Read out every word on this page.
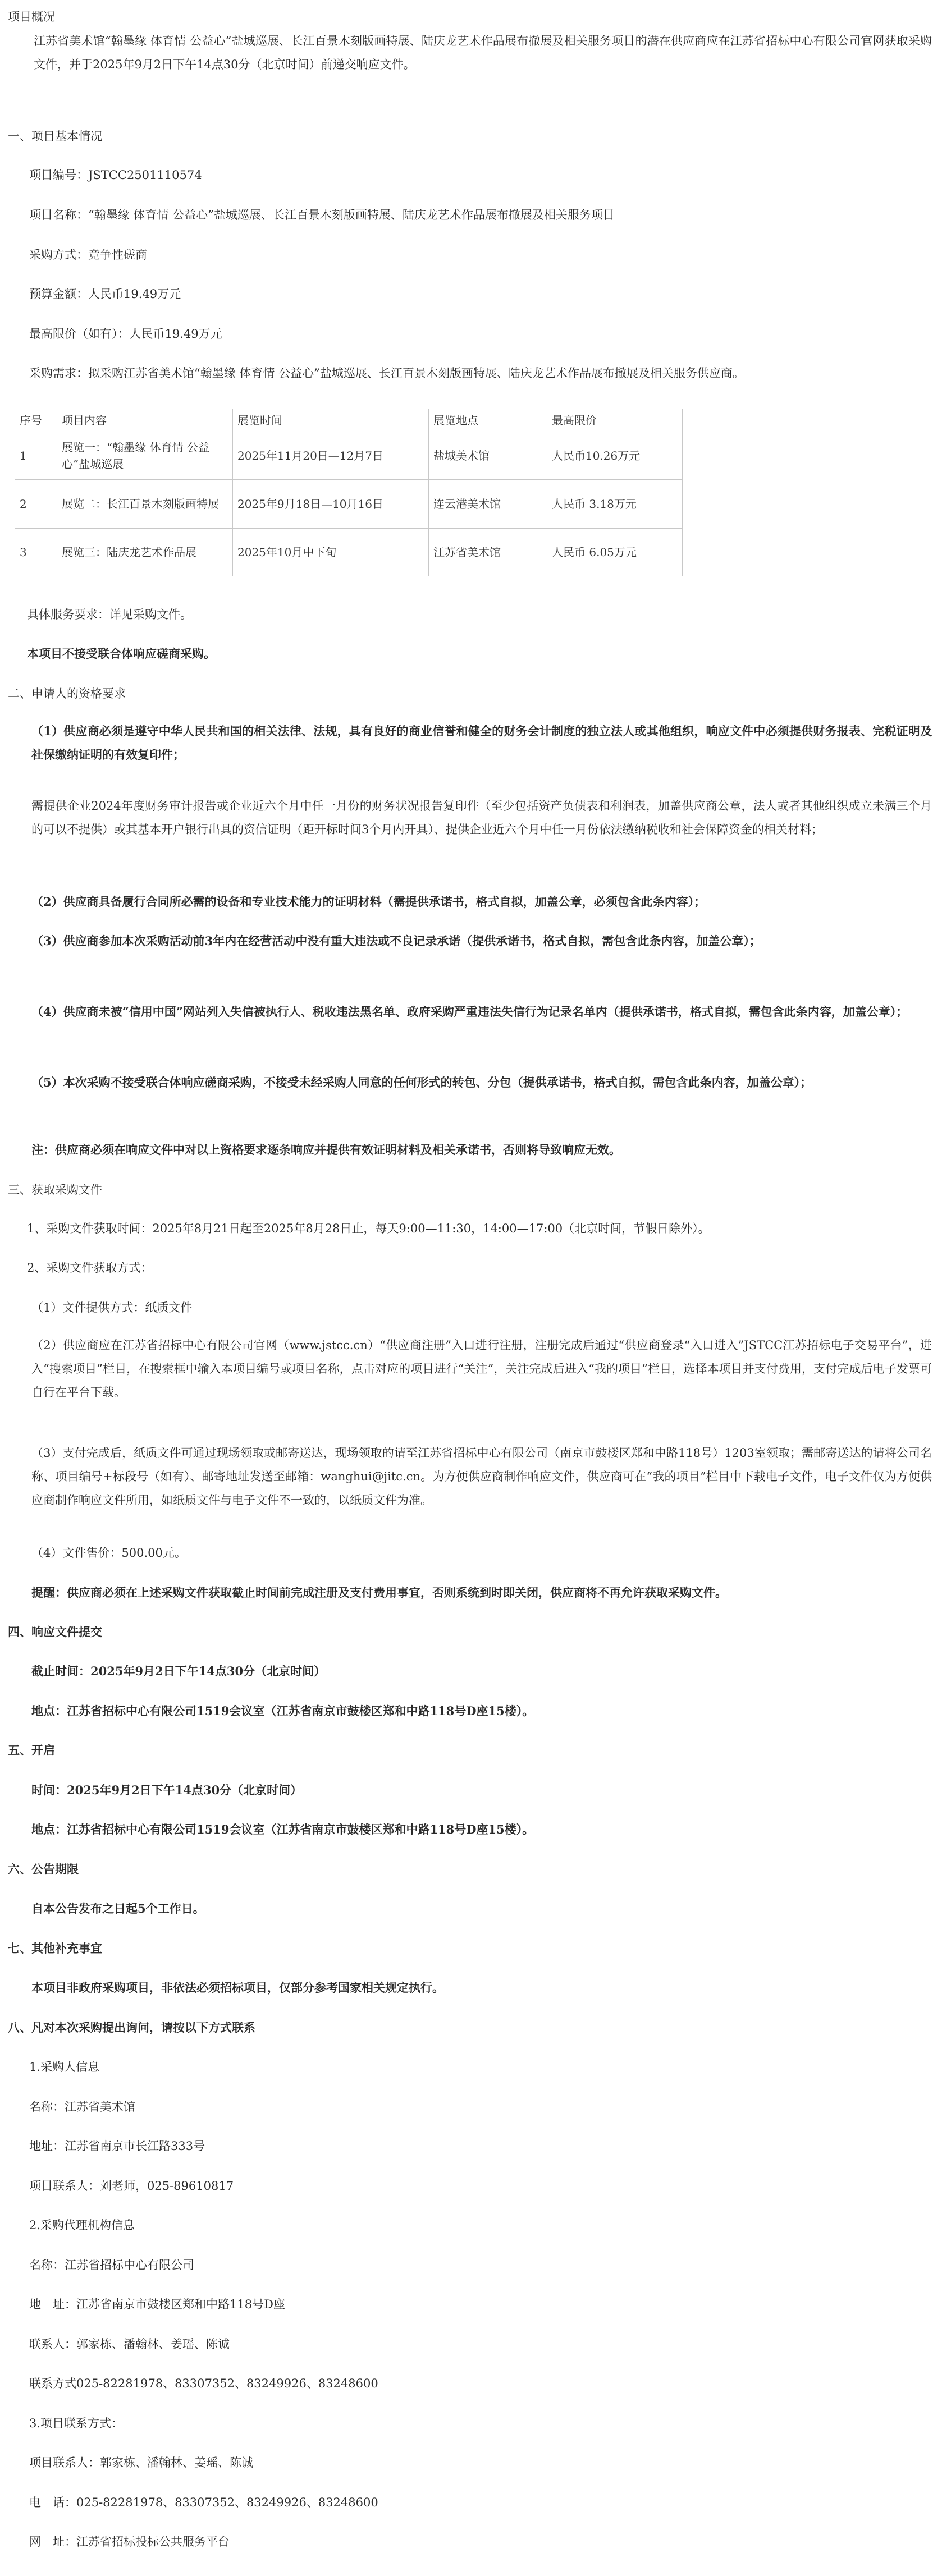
项目概况
江苏省美术馆“翰墨缘 体育情 公益心”盐城巡展、长江百景木刻版画特展、陆庆龙艺术作品展布撤展及相关服务项目的潜在供应商应在江苏省招标中心有限公司官网获取采购文件，并于2025年9月2日下午14点30分（北京时间）前递交响应文件。
一、项目基本情况
项目编号：JSTCC2501110574
项目名称：“翰墨缘 体育情 公益心”盐城巡展、长江百景木刻版画特展、陆庆龙艺术作品展布撤展及相关服务项目
采购方式：竞争性磋商
预算金额：人民币19.49万元
最高限价（如有）：人民币19.49万元
采购需求：拟采购江苏省美术馆“翰墨缘 体育情 公益心”盐城巡展、长江百景木刻版画特展、陆庆龙艺术作品展布撤展及相关服务供应商。
序号	项目内容	展览时间	展览地点	最高限价
1	展览一：“翰墨缘 体育情 公益心”盐城巡展	2025年11月20日—12月7日	盐城美术馆	人民币10.26万元
2	展览二：长江百景木刻版画特展	2025年9月18日—10月16日	连云港美术馆	人民币 3.18万元
3	展览三：陆庆龙艺术作品展	2025年10月中下旬	江苏省美术馆	人民币 6.05万元
具体服务要求：详见采购文件。
本项目不接受联合体响应磋商采购。
二、申请人的资格要求
（1）供应商必须是遵守中华人民共和国的相关法律、法规，具有良好的商业信誉和健全的财务会计制度的独立法人或其他组织，响应文件中必须提供财务报表、完税证明及社保缴纳证明的有效复印件；
需提供企业2024年度财务审计报告或企业近六个月中任一月份的财务状况报告复印件（至少包括资产负债表和利润表，加盖供应商公章，法人或者其他组织成立未满三个月的可以不提供）或其基本开户银行出具的资信证明（距开标时间3个月内开具）、提供企业近六个月中任一月份依法缴纳税收和社会保障资金的相关材料；
（2）供应商具备履行合同所必需的设备和专业技术能力的证明材料（需提供承诺书，格式自拟，加盖公章，必须包含此条内容）；
（3）供应商参加本次采购活动前3年内在经营活动中没有重大违法或不良记录承诺（提供承诺书，格式自拟，需包含此条内容，加盖公章）；
（4）供应商未被“信用中国”网站列入失信被执行人、税收违法黑名单、政府采购严重违法失信行为记录名单内（提供承诺书，格式自拟，需包含此条内容，加盖公章）；
（5）本次采购不接受联合体响应磋商采购，不接受未经采购人同意的任何形式的转包、分包（提供承诺书，格式自拟，需包含此条内容，加盖公章）；
注：供应商必须在响应文件中对以上资格要求逐条响应并提供有效证明材料及相关承诺书，否则将导致响应无效。
三、获取采购文件
1、采购文件获取时间：2025年8月21日起至2025年8月28日止，每天9:00—11:30，14:00—17:00（北京时间，节假日除外）。
2、采购文件获取方式：
（1）文件提供方式：纸质文件
（2）供应商应在江苏省招标中心有限公司官网（www.jstcc.cn）“供应商注册”入口进行注册，注册完成后通过“供应商登录“入口进入”JSTCC江苏招标电子交易平台”，进入“搜索项目”栏目，在搜索框中输入本项目编号或项目名称，点击对应的项目进行“关注”，关注完成后进入“我的项目”栏目，选择本项目并支付费用，支付完成后电子发票可自行在平台下载。
（3）支付完成后，纸质文件可通过现场领取或邮寄送达，现场领取的请至江苏省招标中心有限公司（南京市鼓楼区郑和中路118号）1203室领取；需邮寄送达的请将公司名称、项目编号+标段号（如有）、邮寄地址发送至邮箱：wanghui@jitc.cn。为方便供应商制作响应文件，供应商可在“我的项目”栏目中下载电子文件，电子文件仅为方便供应商制作响应文件所用，如纸质文件与电子文件不一致的，以纸质文件为准。
（4）文件售价：500.00元。
提醒：供应商必须在上述采购文件获取截止时间前完成注册及支付费用事宜，否则系统到时即关闭，供应商将不再允许获取采购文件。
四、响应文件提交
截止时间：2025年9月2日下午14点30分（北京时间）
地点：江苏省招标中心有限公司1519会议室（江苏省南京市鼓楼区郑和中路118号D座15楼）。
五、开启
时间：2025年9月2日下午14点30分（北京时间）
地点：江苏省招标中心有限公司1519会议室（江苏省南京市鼓楼区郑和中路118号D座15楼）。
六、公告期限
自本公告发布之日起5个工作日。
七、其他补充事宜
本项目非政府采购项目，非依法必须招标项目，仅部分参考国家相关规定执行。
八、凡对本次采购提出询问，请按以下方式联系
1.采购人信息
名称：江苏省美术馆
地址：江苏省南京市长江路333号
项目联系人：刘老师，025-89610817
2.采购代理机构信息
名称：江苏省招标中心有限公司
地　址：江苏省南京市鼓楼区郑和中路118号D座
联系人：郭家栋、潘翰林、姜瑶、陈诚
联系方式025-82281978、83307352、83249926、83248600
3.项目联系方式：
项目联系人：郭家栋、潘翰林、姜瑶、陈诚
电　话：025-82281978、83307352、83249926、83248600
网　址：江苏省招标投标公共服务平台
